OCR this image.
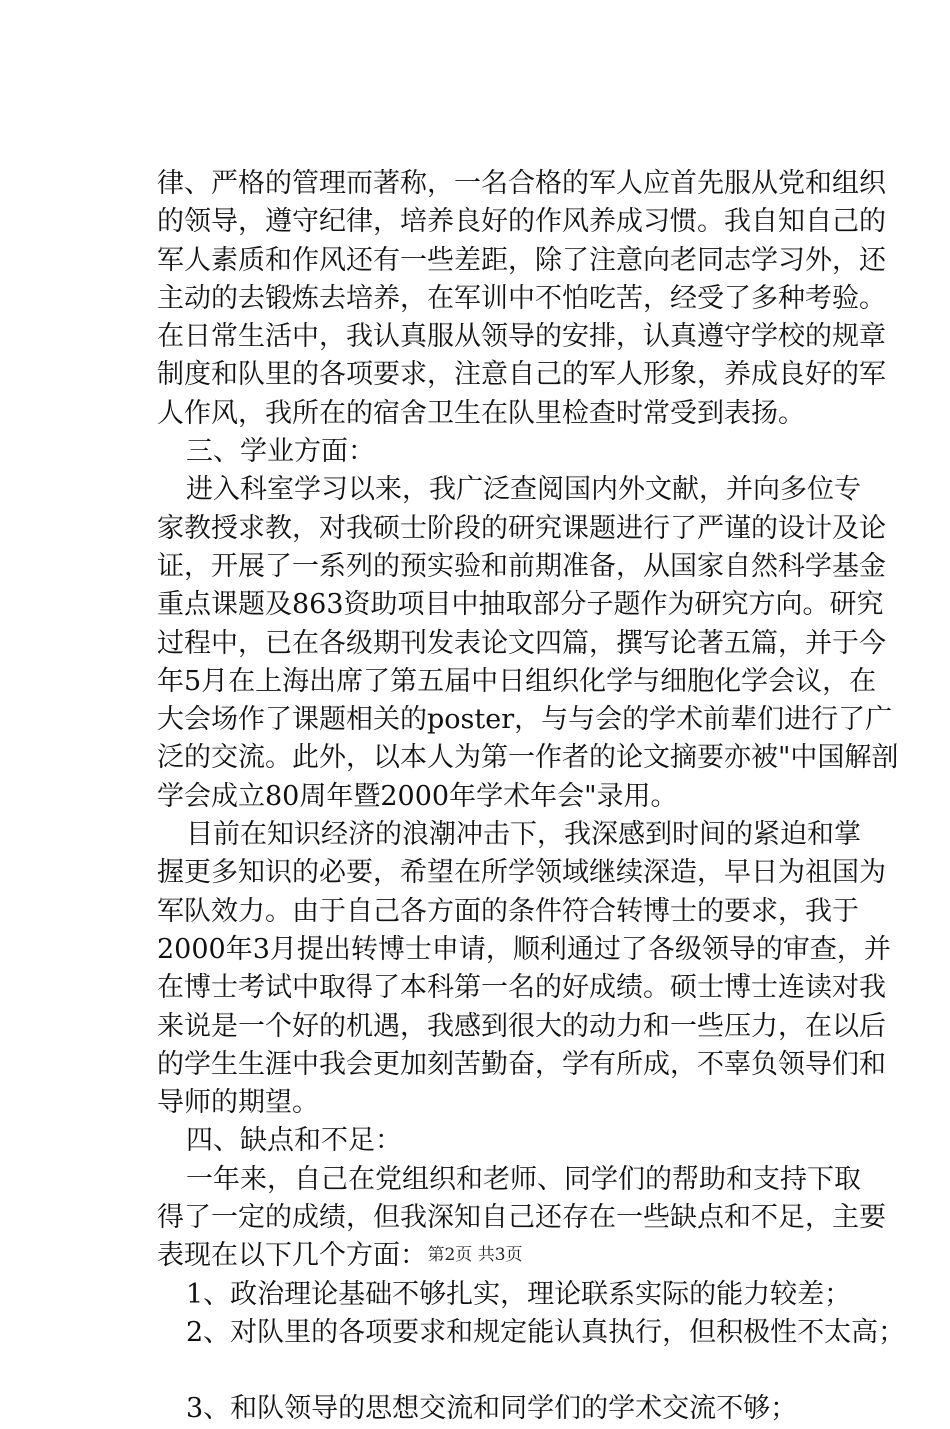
律、严格的管理而著称，一名合格的军人应首先服从党和组织
的领导，遵守纪律，培养良好的作风养成习惯。我自知自己的
军人素质和作风还有一些差距，除了注意向老同志学习外，还
主动的去锻炼去培养，在军训中不怕吃苦，经受了多种考验。
在日常生活中，我认真服从领导的安排，认真遵守学校的规章
制度和队里的各项要求，注意自己的军人形象，养成良好的军
人作风，我所在的宿舍卫生在队里检查时常受到表扬。
三、学业方面：
进入科室学习以来，我广泛查阅国内外文献，并向多位专
家教授求教，对我硕士阶段的研究课题进行了严谨的设计及论
证，开展了一系列的预实验和前期准备，从国家自然科学基金
重点课题及863资助项目中抽取部分子题作为研究方向。研究
过程中，已在各级期刊发表论文四篇，撰写论著五篇，并于今
年5月在上海出席了第五届中日组织化学与细胞化学会议，在
大会场作了课题相关的poster，与与会的学术前辈们进行了广
泛的交流。此外，以本人为第一作者的论文摘要亦被"中国解剖
学会成立80周年暨2000年学术年会"录用。
目前在知识经济的浪潮冲击下，我深感到时间的紧迫和掌
握更多知识的必要，希望在所学领域继续深造，早日为祖国为
军队效力。由于自己各方面的条件符合转博士的要求，我于
2000年3月提出转博士申请，顺利通过了各级领导的审查，并
在博士考试中取得了本科第一名的好成绩。硕士博士连读对我
来说是一个好的机遇，我感到很大的动力和一些压力，在以后
的学生生涯中我会更加刻苦勤奋，学有所成，不辜负领导们和
导师的期望。
四、缺点和不足：
一年来，自己在党组织和老师、同学们的帮助和支持下取
得了一定的成绩，但我深知自己还存在一些缺点和不足，主要
表现在以下几个方面：
1、政治理论基础不够扎实，理论联系实际的能力较差；
2、对队里的各项要求和规定能认真执行，但积极性不太高；
3、和队领导的思想交流和同学们的学术交流不够；
第2页 共3页
